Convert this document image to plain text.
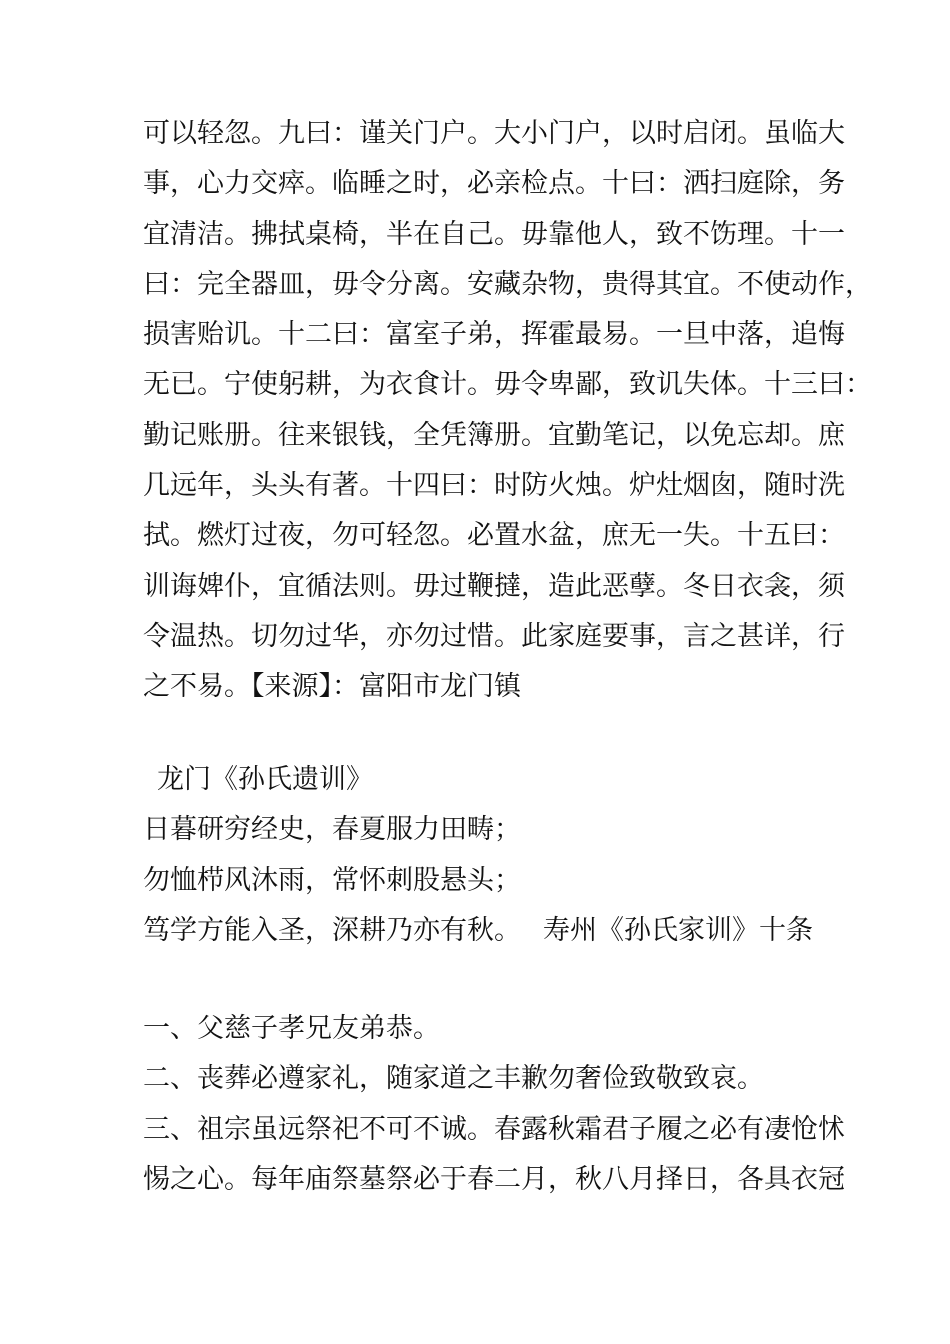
可以轻忽。九曰：谨关门户。大小门户，以时启闭。虽临大
事，心力交瘁。临睡之时，必亲检点。十曰：洒扫庭除，务
宜清洁。拂拭桌椅，半在自己。毋靠他人，致不饬理。十一
曰：完全器皿，毋令分离。安藏杂物，贵得其宜。不使动作，
损害贻讥。十二曰：富室子弟，挥霍最易。一旦中落，追悔
无已。宁使躬耕，为衣食计。毋令卑鄙，致讥失体。十三曰：
勤记账册。往来银钱，全凭簿册。宜勤笔记，以免忘却。庶
几远年，头头有著。十四曰：时防火烛。炉灶烟囱，随时洗
拭。燃灯过夜，勿可轻忽。必置水盆，庶无一失。十五曰：
训诲婢仆，宜循法则。毋过鞭撻，造此恶孽。冬日衣衾，须
令温热。切勿过华，亦勿过惜。此家庭要事，言之甚详，行
之不易。【来源】：富阳市龙门镇
龙门《孙氏遗训》
日暮研穷经史，春夏服力田畴；
勿恤栉风沐雨，常怀刺股悬头；
笃学方能入圣，深耕乃亦有秋。 寿州《孙氏家训》十条
一、父慈子孝兄友弟恭。
二、丧葬必遵家礼，随家道之丰歉勿奢俭致敬致哀。
三、祖宗虽远祭祀不可不诚。春露秋霜君子履之必有凄怆怵
惕之心。每年庙祭墓祭必于春二月，秋八月择日，各具衣冠
